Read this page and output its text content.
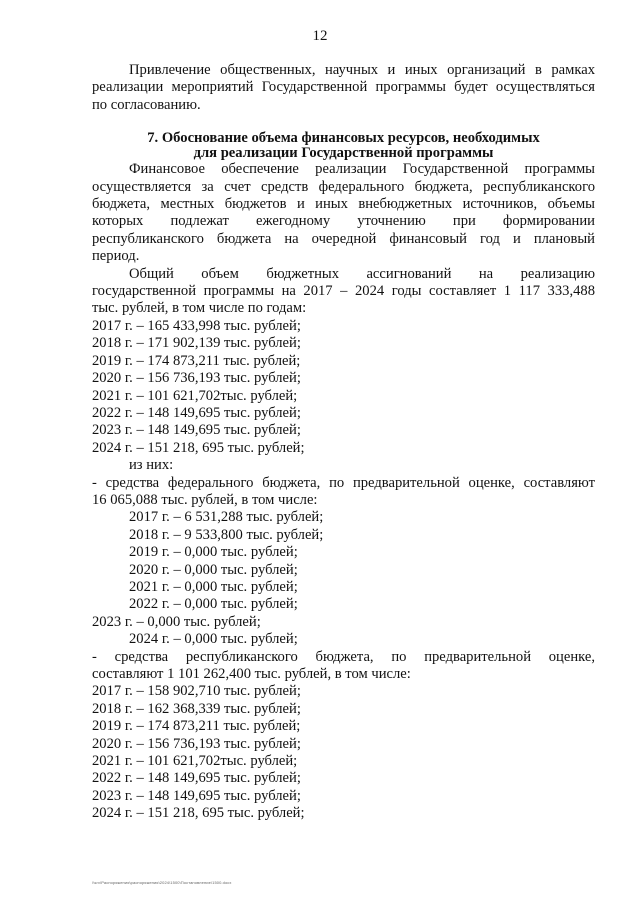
12

Привлечение общественных, научных и иных организаций в рамках

реализации мероприятий Государственной программы будет осуществляться

по согласованию.

7. Обоснование объема финансовых ресурсов, необходимых

для реализации Государственной программы

Финансовое обеспечение реализации Государственной программы

осуществляется за счет средств федерального бюджета, республиканского

бюджета, местных бюджетов и иных внебюджетных источников, объемы

которых подлежат ежегодному уточнению при формировании

республиканского бюджета на очередной финансовый год и плановый

период.

Общий объем бюджетных ассигнований на реализацию

государственной программы на 2017 – 2024 годы составляет 1 117 333,488

тыс. рублей, в том числе по годам:

2017 г. – 165 433,998 тыс. рублей;

2018 г. – 171 902,139 тыс. рублей;

2019 г. – 174 873,211 тыс. рублей;

2020 г. – 156 736,193 тыс. рублей;

2021 г. – 101 621,702тыс. рублей;

2022 г. – 148 149,695 тыс. рублей;

2023 г. – 148 149,695 тыс. рублей;

2024 г. – 151 218, 695 тыс. рублей;

из них:

- средства федерального бюджета, по предварительной оценке, составляют

16 065,088 тыс. рублей, в том числе:

2017 г. – 6 531,288 тыс. рублей;

2018 г. – 9 533,800 тыс. рублей;

2019 г. – 0,000 тыс. рублей;

2020 г. – 0,000 тыс. рублей;

2021 г. – 0,000 тыс. рублей;

2022 г. – 0,000 тыс. рублей;

2023 г. – 0,000 тыс. рублей;

2024 г. – 0,000 тыс. рублей;

- средства республиканского бюджета, по предварительной оценке,

составляют 1 101 262,400 тыс. рублей, в том числе:

2017 г. – 158 902,710 тыс. рублей;

2018 г. – 162 368,339 тыс. рублей;

2019 г. – 174 873,211 тыс. рублей;

2020 г. – 156 736,193 тыс. рублей;

2021 г. – 101 621,702тыс. рублей;

2022 г. – 148 149,695 тыс. рублей;

2023 г. – 148 149,695 тыс. рублей;

2024 г. – 151 218, 695 тыс. рублей;

\\srv\Распоряжения\распоряжения\2024\1500\Постановление\1500.docx
